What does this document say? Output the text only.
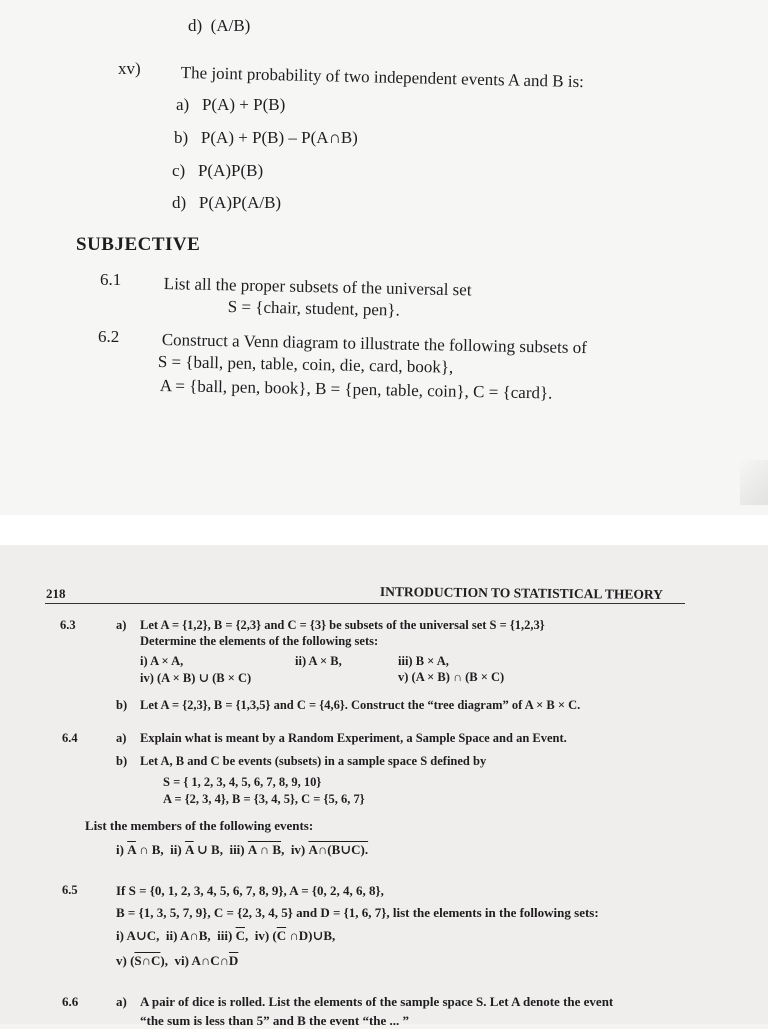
d) (A/B)
xv) The joint probability of two independent events A and B is:
a) P(A) + P(B)
b) P(A) + P(B) – P(A∩B)
c) P(A)P(B)
d) P(A)P(A/B)
SUBJECTIVE
6.1 List all the proper subsets of the universal set
S = {chair, student, pen}.
6.2 Construct a Venn diagram to illustrate the following subsets of
S = {ball, pen, table, coin, die, card, book},
A = {ball, pen, book}, B = {pen, table, coin}, C = {card}.
218	INTRODUCTION TO STATISTICAL THEORY
6.3	a) Let A = {1,2}, B = {2,3} and C = {3} be subsets of the universal set S = {1,2,3}
Determine the elements of the following sets:
i) A × A,	ii) A × B,	iii) B × A,
iv) (A × B) ∪ (B × C)	v) (A × B) ∩ (B × C)
b) Let A = {2,3}, B = {1,3,5} and C = {4,6}. Construct the “tree diagram” of A × B × C.
6.4	a) Explain what is meant by a Random Experiment, a Sample Space and an Event.
b) Let A, B and C be events (subsets) in a sample space S defined by
S = { 1, 2, 3, 4, 5, 6, 7, 8, 9, 10}
A = {2, 3, 4}, B = {3, 4, 5}, C = {5, 6, 7}
List the members of the following events:
i) $\overline{A}$ ∩ B, ii) $\overline{A}$ ∪ B, iii) A ∩ B,  iv) A∩(B∪C).
6.5	If S = {0, 1, 2, 3, 4, 5, 6, 7, 8, 9}, A = {0, 2, 4, 6, 8},
B = {1, 3, 5, 7, 9}, C = {2, 3, 4, 5} and D = {1, 6, 7}, list the elements in the following sets:
i) A∪C, ii) A∩B, iii) $\overline{C}$, iv) ($\overline{C}$ ∩D)∪B,
v) (S∩C), vi) $A\cap C\cap\overline{D}$
6.6	a) A pair of dice is rolled. List the elements of the sample space S. Let A denote the event
“the sum is less than 5” and B the event “the ... ”
